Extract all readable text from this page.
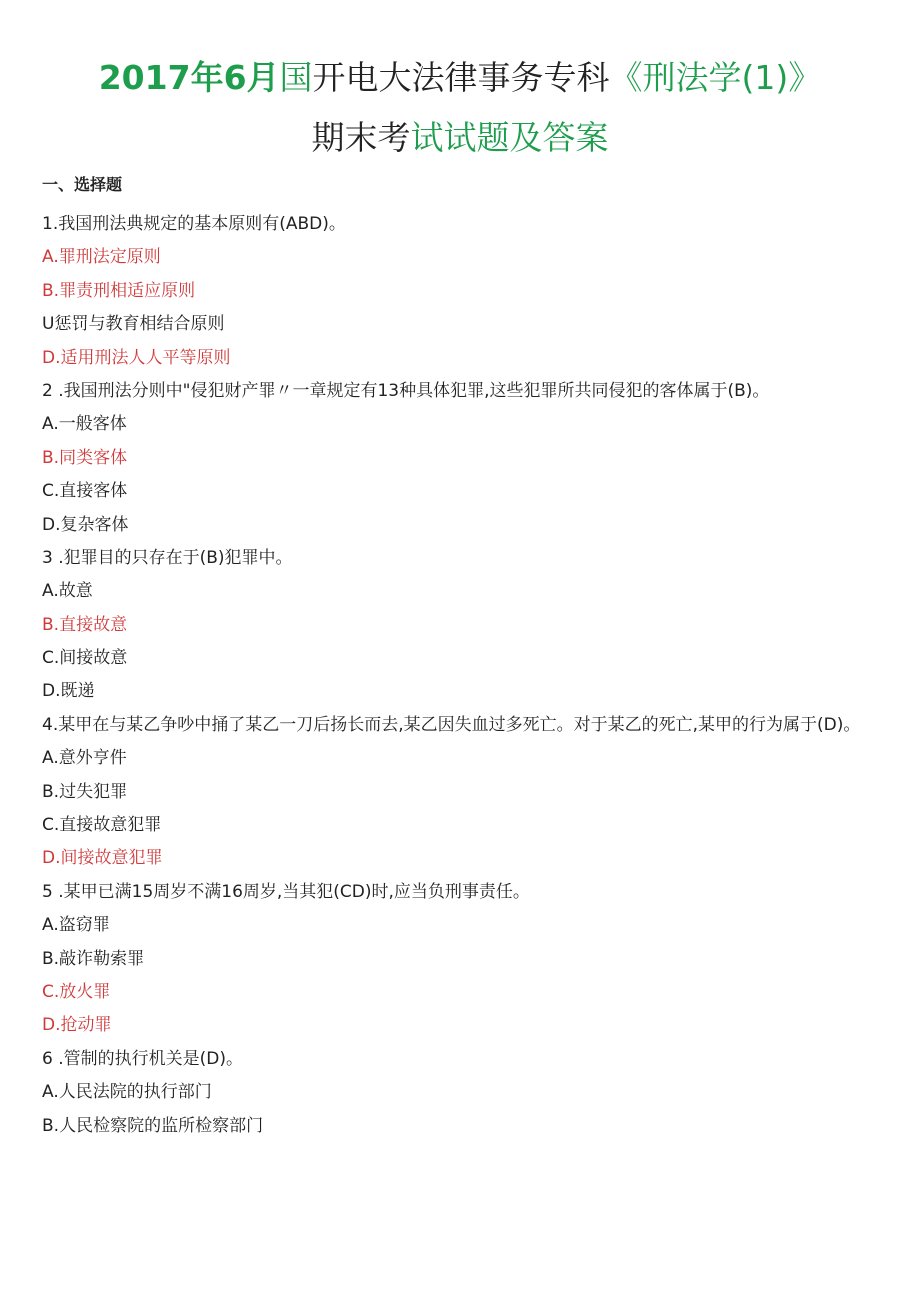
2017年6月国开电大法律事务专科《刑法学(1)》
期末考试试题及答案
一、选择题
1.我国刑法典规定的基本原则有(ABD)。
A.罪刑法定原则
B.罪责刑相适应原则
U惩罚与教育相结合原则
D.适用刑法人人平等原则
2 .我国刑法分则中"侵犯财产罪〃一章规定有13种具体犯罪,这些犯罪所共同侵犯的客体属于(B)。
A.一般客体
B.同类客体
C.直接客体
D.复杂客体
3 .犯罪目的只存在于(B)犯罪中。
A.故意
B.直接故意
C.间接故意
D.既递
4.某甲在与某乙争吵中捅了某乙一刀后扬长而去,某乙因失血过多死亡。对于某乙的死亡,某甲的行为属于(D)。
A.意外亨件
B.过失犯罪
C.直接故意犯罪
D.间接故意犯罪
5 .某甲已满15周岁不满16周岁,当其犯(CD)时,应当负刑事责任。
A.盗窃罪
B.敲诈勒索罪
C.放火罪
D.抢动罪
6 .管制的执行机关是(D)。
A.人民法院的执行部门
B.人民检察院的监所检察部门
